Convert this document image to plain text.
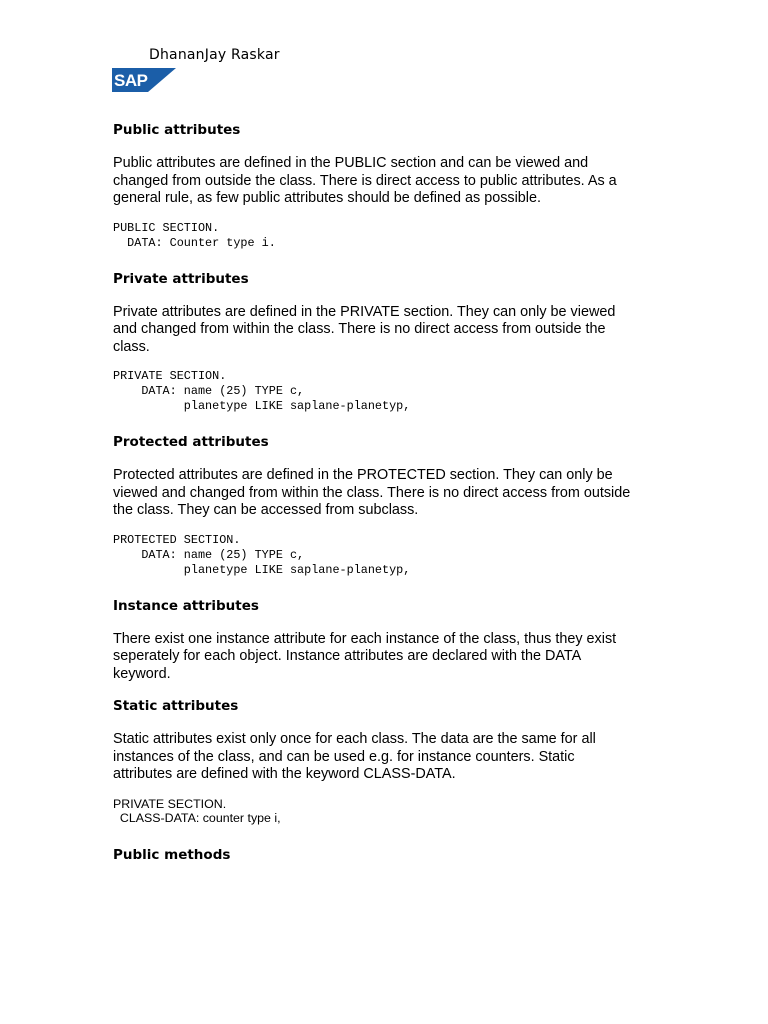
DhananJay Raskar
SAP
Public attributes
Public attributes are defined in the PUBLIC section and can be viewed and
changed from outside the class. There is direct access to public attributes. As a
general rule, as few public attributes should be defined as possible.
PUBLIC SECTION.
DATA: Counter type i.
Private attributes
Private attributes are defined in the PRIVATE section. They can only be viewed
and changed from within the class. There is no direct access from outside the
class.
PRIVATE SECTION.
DATA: name (25) TYPE c,
planetype LIKE saplane-planetyp,
Protected attributes
Protected attributes are defined in the PROTECTED section. They can only be
viewed and changed from within the class. There is no direct access from outside
the class. They can be accessed from subclass.
PROTECTED SECTION.
DATA: name (25) TYPE c,
planetype LIKE saplane-planetyp,
Instance attributes
There exist one instance attribute for each instance of the class, thus they exist
seperately for each object. Instance attributes are declared with the DATA
keyword.
Static attributes
Static attributes exist only once for each class. The data are the same for all
instances of the class, and can be used e.g. for instance counters. Static
attributes are defined with the keyword CLASS-DATA.
PRIVATE SECTION.
CLASS-DATA: counter type i,
Public methods
